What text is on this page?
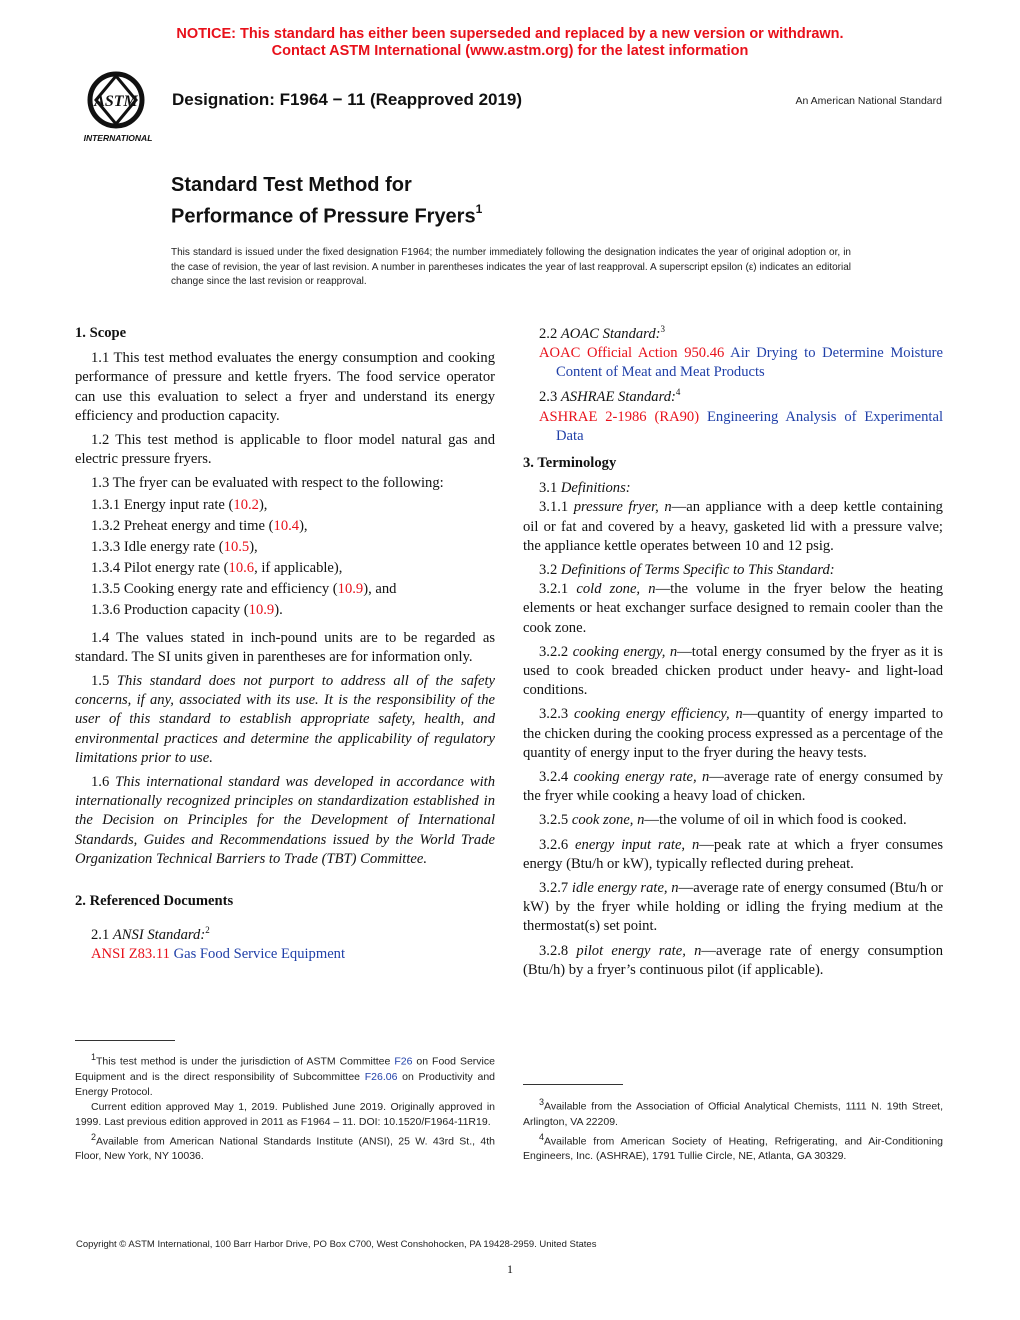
NOTICE: This standard has either been superseded and replaced by a new version or withdrawn.
Contact ASTM International (www.astm.org) for the latest information
ASTM
INTERNATIONAL
Designation: F1964 − 11 (Reapproved 2019)	An American National Standard
Standard Test Method for
Performance of Pressure Fryers$^1$
This standard is issued under the fixed designation F1964; the number immediately following the designation indicates the year of original adoption or, in the case of revision, the year of last revision. A number in parentheses indicates the year of last reapproval. A superscript epsilon (ε) indicates an editorial change since the last revision or reapproval.
1. Scope
1.1 This test method evaluates the energy consumption and cooking performance of pressure and kettle fryers. The food service operator can use this evaluation to select a fryer and understand its energy efficiency and production capacity.
1.2 This test method is applicable to floor model natural gas and electric pressure fryers.
1.3 The fryer can be evaluated with respect to the following:
1.3.1 Energy input rate (10.2),
1.3.2 Preheat energy and time (10.4),
1.3.3 Idle energy rate (10.5),
1.3.4 Pilot energy rate (10.6, if applicable),
1.3.5 Cooking energy rate and efficiency (10.9), and
1.3.6 Production capacity (10.9).
1.4 The values stated in inch-pound units are to be regarded as standard. The SI units given in parentheses are for information only.
1.5 This standard does not purport to address all of the safety concerns, if any, associated with its use. It is the responsibility of the user of this standard to establish appropriate safety, health, and environmental practices and determine the applicability of regulatory limitations prior to use.
1.6 This international standard was developed in accordance with internationally recognized principles on standardization established in the Decision on Principles for the Development of International Standards, Guides and Recommendations issued by the World Trade Organization Technical Barriers to Trade (TBT) Committee.
2. Referenced Documents
2.1 ANSI Standard:$^2$
ANSI Z83.11 Gas Food Service Equipment
2.2 AOAC Standard:$^3$
AOAC Official Action 950.46 Air Drying to Determine Moisture Content of Meat and Meat Products
2.3 ASHRAE Standard:$^4$
ASHRAE 2-1986 (RA90) Engineering Analysis of Experimental Data
3. Terminology
3.1 Definitions:
3.1.1 pressure fryer, n—an appliance with a deep kettle containing oil or fat and covered by a heavy, gasketed lid with a pressure valve; the appliance kettle operates between 10 and 12 psig.
3.2 Definitions of Terms Specific to This Standard:
3.2.1 cold zone, n—the volume in the fryer below the heating elements or heat exchanger surface designed to remain cooler than the cook zone.
3.2.2 cooking energy, n—total energy consumed by the fryer as it is used to cook breaded chicken product under heavy- and light-load conditions.
3.2.3 cooking energy efficiency, n—quantity of energy imparted to the chicken during the cooking process expressed as a percentage of the quantity of energy input to the fryer during the heavy tests.
3.2.4 cooking energy rate, n—average rate of energy consumed by the fryer while cooking a heavy load of chicken.
3.2.5 cook zone, n—the volume of oil in which food is cooked.
3.2.6 energy input rate, n—peak rate at which a fryer consumes energy (Btu/h or kW), typically reflected during preheat.
3.2.7 idle energy rate, n—average rate of energy consumed (Btu/h or kW) by the fryer while holding or idling the frying medium at the thermostat(s) set point.
3.2.8 pilot energy rate, n—average rate of energy consumption (Btu/h) by a fryer’s continuous pilot (if applicable).
$^1$This test method is under the jurisdiction of ASTM Committee F26 on Food Service Equipment and is the direct responsibility of Subcommittee F26.06 on Productivity and Energy Protocol.
Current edition approved May 1, 2019. Published June 2019. Originally approved in 1999. Last previous edition approved in 2011 as F1964 – 11. DOI: 10.1520/F1964-11R19.
$^2$Available from American National Standards Institute (ANSI), 25 W. 43rd St., 4th Floor, New York, NY 10036.
$^3$Available from the Association of Official Analytical Chemists, 1111 N. 19th Street, Arlington, VA 22209.
$^4$Available from American Society of Heating, Refrigerating, and Air-Conditioning Engineers, Inc. (ASHRAE), 1791 Tullie Circle, NE, Atlanta, GA 30329.
Copyright © ASTM International, 100 Barr Harbor Drive, PO Box C700, West Conshohocken, PA 19428-2959. United States
1
